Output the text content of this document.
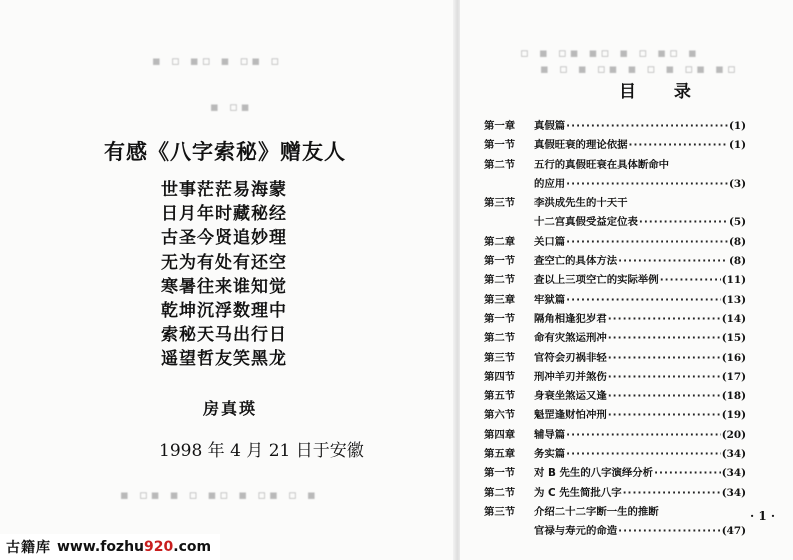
▪ ▫ ▪▫ ▪ ▫▪ ▫
▪ ▫▪
▪ ▫▪ ▪ ▫ ▪▫ ▪ ▫▪ ▫ ▪
有感《八字索秘》赠友人
世事茫茫易海蒙
日月年时藏秘经
古圣今贤追妙理
无为有处有还空
寒暑往来谁知觉
乾坤沉浮数理中
索秘天马出行日
遥望哲友笑黑龙
房真瑛
1998 年 4 月 21 日于安徽
▫ ▪ ▫▪ ▪▫ ▪ ▫ ▪▫ ▪
▪ ▫ ▪ ▫▪ ▪ ▫ ▪ ▫▪ ▪▫
目 录
第一章	真假篇 ·····	(1)
第一节	真假旺衰的理论依据 ·····	(1)
第二节	五行的真假旺衰在具体断命中
的应用 ·····	(3)
第三节	李洪成先生的十天干
十二宫真假受益定位表 ·····	(5)
第二章	关口篇 ·····	(8)
第一节	查空亡的具体方法 ·····	(8)
第二节	查以上三项空亡的实际举例 ·····	(11)
第三章	牢狱篇 ·····	(13)
第一节	隔角相逢犯岁君 ·····	(14)
第二节	命有灾煞运刑冲 ·····	(15)
第三节	官符会刃祸非轻 ·····	(16)
第四节	刑冲羊刃并煞伤 ·····	(17)
第五节	身衰坐煞运又逢 ·····	(18)
第六节	魁罡逢财怕冲刑 ·····	(19)
第四章	辅导篇 ·····	(20)
第五章	务实篇 ·····	(34)
第一节	对 B 先生的八字演绎分析 ·····	(34)
第二节	为 C 先生简批八字 ·····	(34)
第三节	介绍二十二字断一生的推断
官禄与寿元的命造 ·····	(47)
· 1 ·
古籍库 www.fozhu920.com
